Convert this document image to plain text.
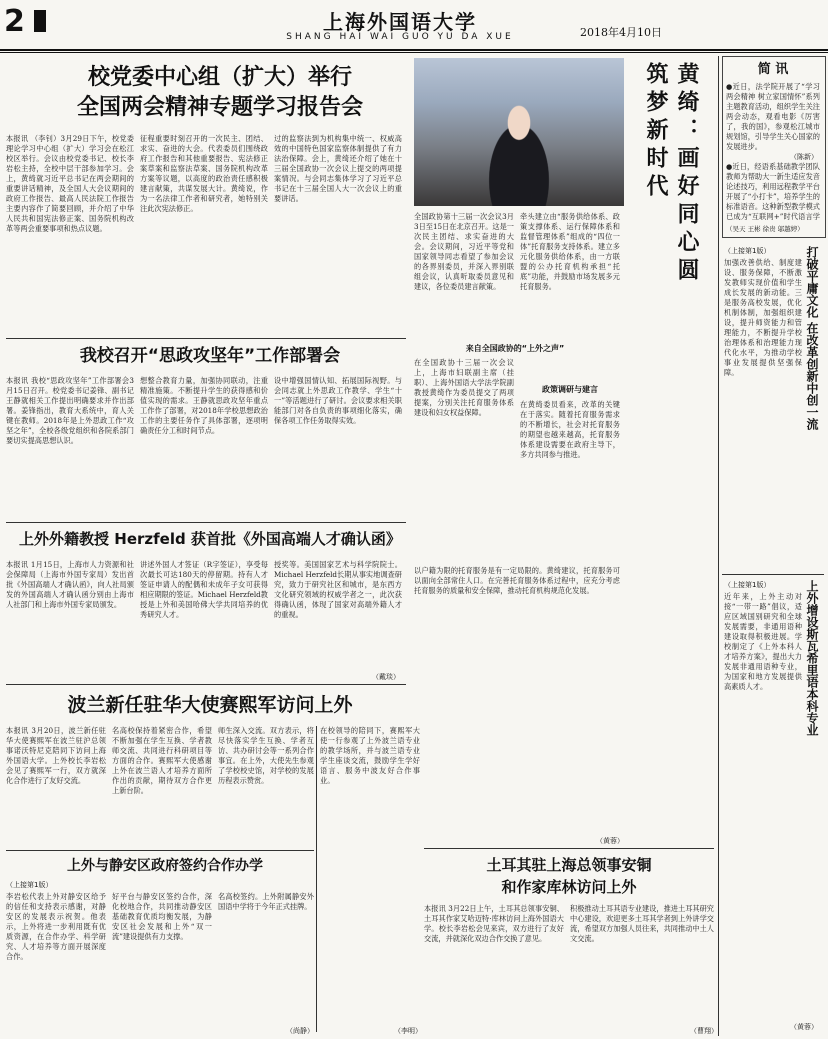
2	上海外国语大学
SHANG HAI WAI GUO YU DA XUE	2018年4月10日
校党委中心组（扩大）举行
全国两会精神专题学习报告会
本报讯 （李钊）3月29日下午，校党委理论学习中心组（扩大）学习会在松江校区举行。会议由校党委书记、校长李岩松主持，全校中层干部参加学习。会上，黄绮就习近平总书记在两会期间的重要讲话精神，及全国人大会议期间的政府工作报告、最高人民法院工作报告主要内容作了简要回顾，并介绍了中华人民共和国宪法修正案、国务院机构改革等两会重要事项和热点议题。
征程重要时刻召开的一次民主、团结、求实、奋进的大会。代表委员们围绕政府工作报告和其他重要报告、宪法修正案草案和监察法草案、国务院机构改革方案等议题，以高度的政治责任感积极建言献策，共谋发展大计。黄绮说，作为一名法律工作者和研究者，她特别关注此次宪法修正。
过的监察法到为机构集中统一、权威高效的中国特色国家监察体制提供了有力法治保障。会上，黄绮还介绍了她在十三届全国政协一次会议上提交的两项提案情况。与会同志集体学习了习近平总书记在十三届全国人大一次会议上的重要讲话。	黄绮：画好同心圆 筑梦新时代
全国政协第十三届一次会议3月3日至15日在北京召开。这是一次民主团结、求实奋进的大会。会议期间，习近平等党和国家领导同志看望了参加会议的各界别委员，并深入界别联组会议，认真听取委员意见和建议，各位委员建言献策。
牵头建立由“服务供给体系、政策支撑体系、运行保障体系和监督管理体系”组成的“四位一体”托育服务支持体系。建立多元化服务供给体系，由一方联盟的公办托育机构承担“托底”功能，并鼓励市场发展多元托育服务。
来自全国政协的“上外之声”
在全国政协十三届一次会议上，上海市妇联副主席（挂职）、上海外国语大学法学院副教授黄绮作为委员提交了两项提案，分别关注托育服务体系建设和妇女权益保障。
政策调研与建言
在黄绮委员看来，改革的关键在于落实。随着托育服务需求的不断增长，社会对托育服务的期望也越来越高，托育服务体系建设需要在政府主导下，多方共同参与推进。
我校召开“思政攻坚年”工作部署会
本报讯 我校“思政攻坚年”工作部署会3月15日召开。校党委书记姜锋、副书记王静就相关工作提出明确要求并作出部署。姜锋指出，教育大系统中，育人关键在教师。2018年是上外思政工作“攻坚之年”，全校各级党组织和各院系部门要切实提高思想认识。
想整合教育力量，加强协同联动，注重精准施策。不断提升学生的获得感和价值实现的需求。王静就思政攻坚年重点工作作了部署，对2018年学校思想政治工作的主要任务作了具体部署，逐项明确责任分工和时间节点。
设中增强国情认知、拓展国际视野。与会同志就上外思政工作教学、学生“十一”等活题进行了研讨。会议要求相关职能部门对各自负责的事项细化落实，确保各项工作任务取得实效。
上外外籍教授 Herzfeld 获首批《外国高端人才确认函》
本报讯 1月15日，上海市人力资源和社会保障局（上海市外国专家局）发出首批《外国高端人才确认函》，向人社局颁发的外国高端人才确认函分别由上海市人社部门和上海市外国专家局颁发。
讲述外国人才签证（R字签证），享受每次最长可达180天的停留期。持有人才签证申请人的配偶和未成年子女可获得相应期限的签证。Michael Herzfeld教授是上外和美国哈佛大学共同培养的优秀研究人才。
授奖等。美国国家艺术与科学院院士。Michael Herzfeld长期从事实地调查研究，致力于研究社区和城市，是东西方文化研究领域的权威学者之一，此次获得确认函，体现了国家对高端外籍人才的重视。
（戴琰）
波兰新任驻华大使赛熙军访问上外
本报讯 3月20日，波兰新任驻华大使赛熙军在波兰驻沪总领事诺沃特尼克陪同下访问上海外国语大学。上外校长李岩松会见了赛熙军一行，双方就深化合作进行了友好交流。
名高校保持着紧密合作，希望不断加强在学生互换、学者教师交流、共同进行科研项目等方面的合作。赛熙军大使感谢上外在波兰语人才培养方面所作出的贡献，期待双方合作更上新台阶。
师生深入交流。双方表示，将尽快落实学生互换、学者互访、共办研讨会等一系列合作事宜。在上外，大使先生参观了学校校史馆，对学校的发展历程表示赞赏。
在校领导的陪同下，赛熙军大使一行参观了上外波兰语专业的教学场所，并与波兰语专业学生座谈交流，鼓励学生学好语言、服务中波友好合作事业。
（李明）
上外与静安区政府签约合作办学
（上接第1版）
李岩松代表上外对静安区给予的信任和支持表示感谢，对静安区的发展表示祝贺。他表示，上外将进一步利用既有优质资源，在合作办学、科学研究、人才培养等方面开展深度合作。
好平台与静安区签约合作，深化校地合作，共同推动静安区基础教育优质均衡发展，为静安区社会发展和上外“双一流”建设提供有力支撑。
名高校签约。上外附属静安外国语中学将于今年正式挂牌。
（尚静）
以户籍为限的托育服务是有一定局限的。黄绮建议，托育服务可以面向全部常住人口。在完善托育服务体系过程中，应充分考虑托育服务的质量和安全保障，推动托育机构规范化发展。
（黄蓉）
土耳其驻上海总领事安铜
和作家库林访问上外
本报讯 3月22日上午，土耳其总领事安铜、土耳其作家艾哈迈特·库林访问上海外国语大学。校长李岩松会见来宾，双方进行了友好交流，并就深化双边合作交换了意见。
积极推动土耳其语专业建设，推进土耳其研究中心建设，欢迎更多土耳其学者到上外讲学交流，希望双方加强人员往来，共同推动中土人文交流。
（曹翔）
简 讯
●近日，法学院开展了“学习两会精神 树立家国情怀”系列主题教育活动，组织学生关注两会动态，观看电影《厉害了，我的国》，参观松江城市规划馆，引导学生关心国家的发展进步。
（陈新）
●近日，经语系基础教学团队教师为帮助大一新生适应发音论述技巧，利用远程教学平台开展了“小打卡”，培养学生的标准语音。这种新型教学模式已成为“互联网+”时代语言学
（吴天 王彬 徐贵 邬越婷）
（上接第1版）
加强改善供给、制度建设、服务保障，不断激发教师实现价值和学生成长发展的新动能。三是服务高校发展，优化机制体制，加强组织建设，提升师资能力和管理能力，不断提升学校治理体系和治理能力现代化水平，为推动学校事业发展提供坚强保障。	打破平庸文化 在改革创新中创一流
（上接第1版）	上外增设斯瓦希里语本科专业
近年来，上外主动对接“一带一路”倡议，适应区域国别研究和全球发展需要，非通用语种建设取得积极进展。学校制定了《上外本科人才培养方案》，提出大力发展非通用语种专业，为国家和地方发展提供高素质人才。
（黄蓉）
